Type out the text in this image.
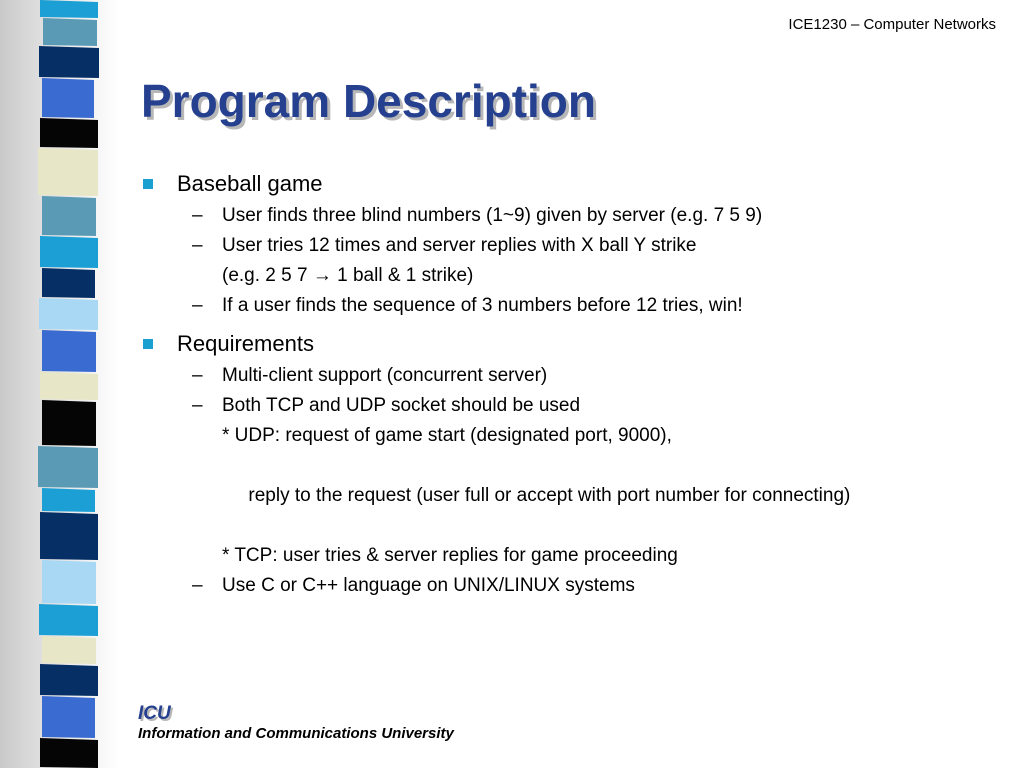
ICE1230 – Computer Networks
Program Description
Baseball game
– User finds three blind numbers (1~9) given by server (e.g. 7 5 9)
– User tries 12 times and server replies with X ball Y strike
(e.g. 2 5 7 → 1 ball & 1 strike)
– If a user finds the sequence of 3 numbers before 12 tries, win!
Requirements
– Multi-client support (concurrent server)
– Both TCP and UDP socket should be used
* UDP: request of game start (designated port, 9000),

reply to the request (user full or accept with port number for connecting)

* TCP: user tries & server replies for game proceeding
– Use C or C++ language on UNIX/LINUX systems
ICU
Information and Communications University
